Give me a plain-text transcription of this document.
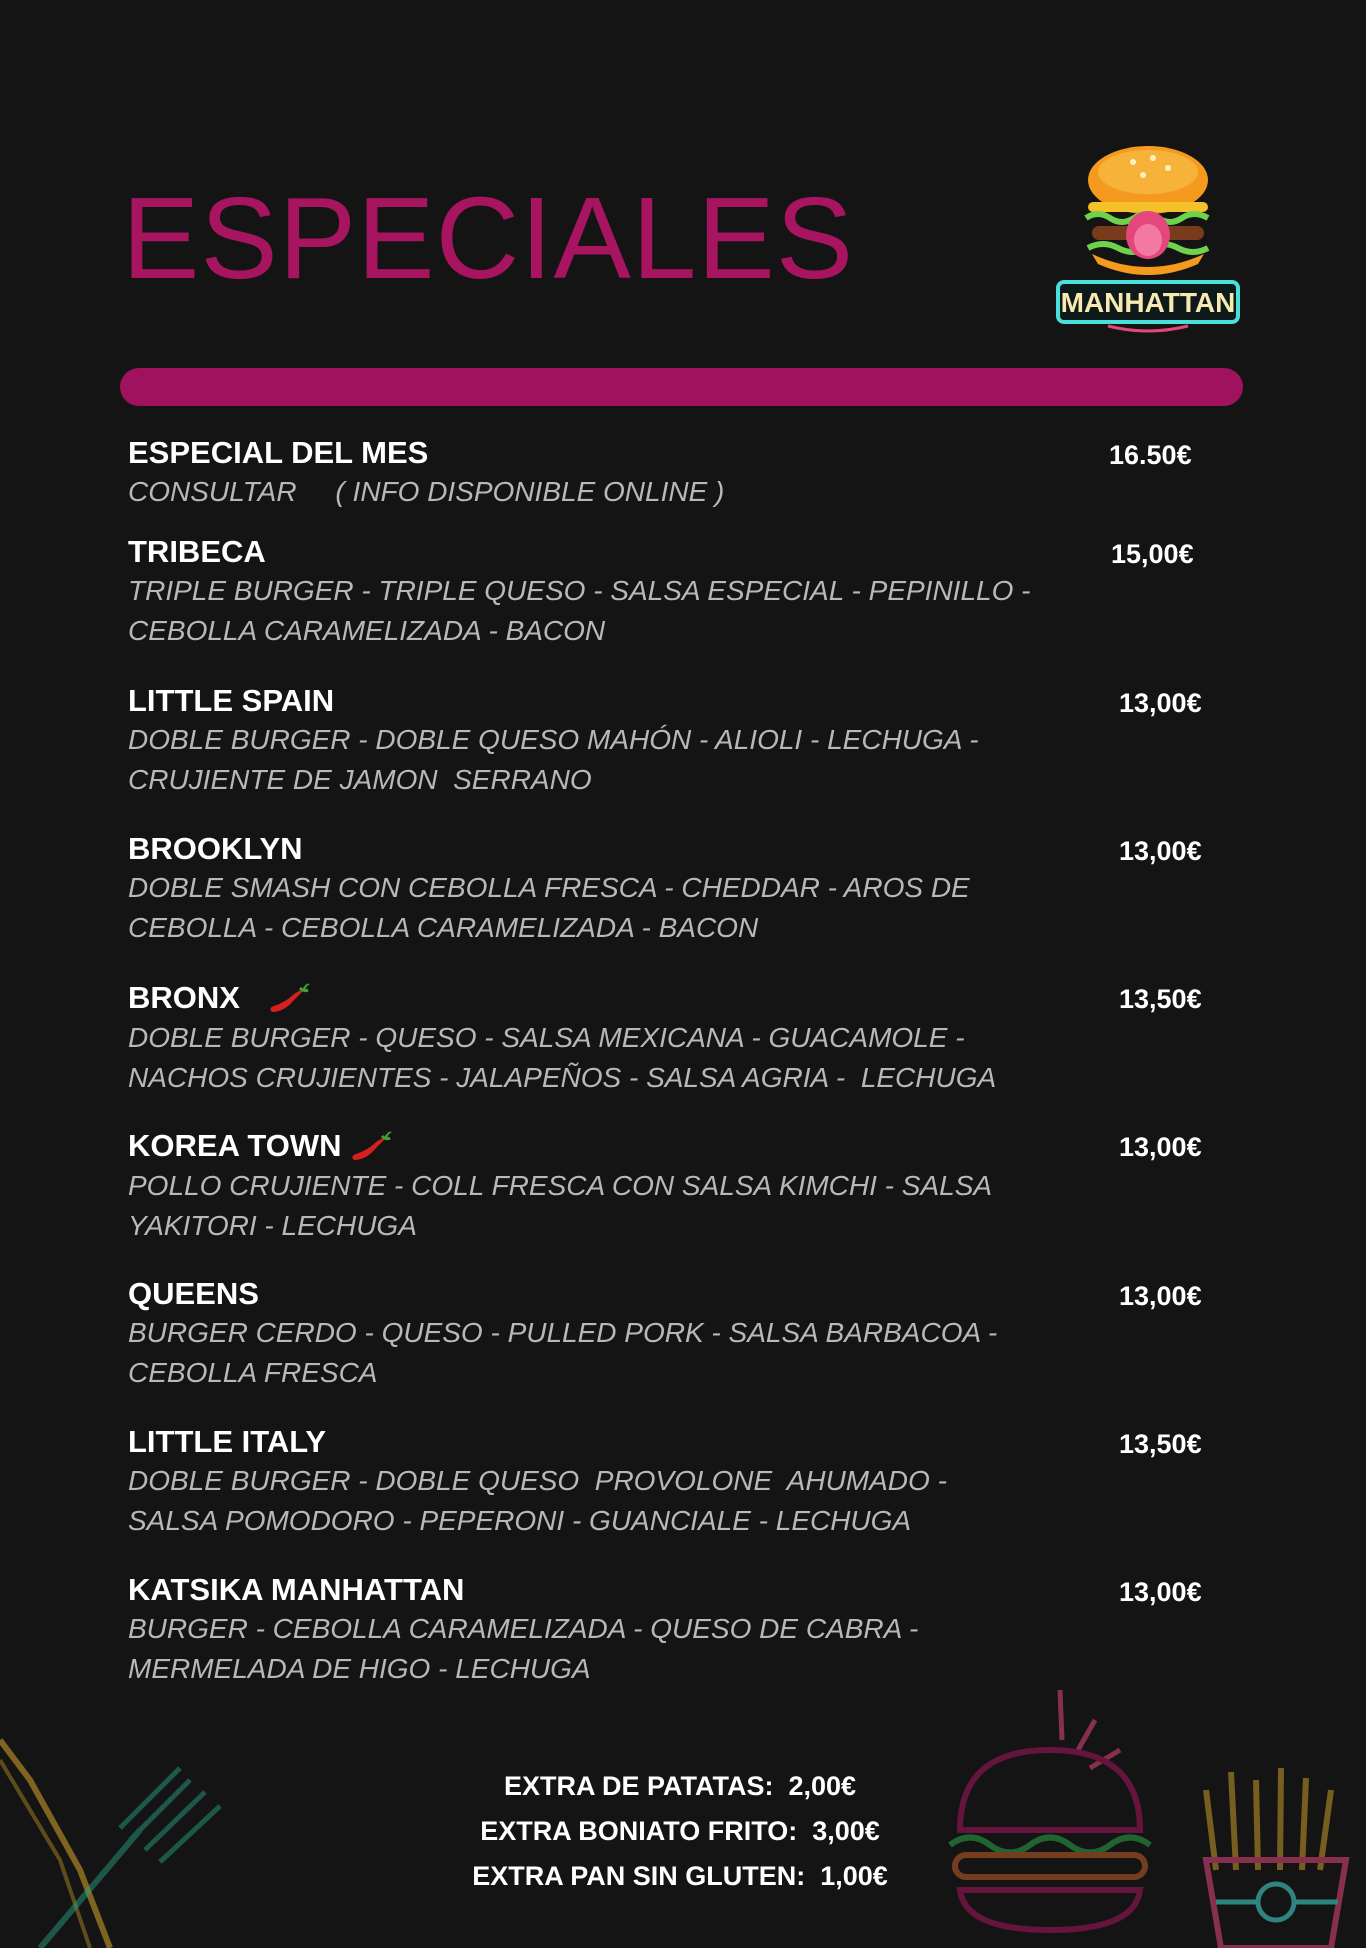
ESPECIALES	MANHATTAN
ESPECIAL DEL MES
CONSULTAR     ( INFO DISPONIBLE ONLINE )
16.50€
TRIBECA
TRIPLE BURGER - TRIPLE QUESO - SALSA ESPECIAL - PEPINILLO -
CEBOLLA CARAMELIZADA - BACON
15,00€
LITTLE SPAIN
DOBLE BURGER - DOBLE QUESO MAHÓN - ALIOLI - LECHUGA -
CRUJIENTE DE JAMON  SERRANO
13,00€
BROOKLYN
DOBLE SMASH CON CEBOLLA FRESCA - CHEDDAR - AROS DE
CEBOLLA - CEBOLLA CARAMELIZADA - BACON
13,00€
BRONX
DOBLE BURGER - QUESO - SALSA MEXICANA - GUACAMOLE -
NACHOS CRUJIENTES - JALAPEÑOS - SALSA AGRIA -  LECHUGA
13,50€
KOREA TOWN
POLLO CRUJIENTE - COLL FRESCA CON SALSA KIMCHI - SALSA
YAKITORI - LECHUGA
13,00€
QUEENS
BURGER CERDO - QUESO - PULLED PORK - SALSA BARBACOA -
CEBOLLA FRESCA
13,00€
LITTLE ITALY
DOBLE BURGER - DOBLE QUESO  PROVOLONE  AHUMADO -
SALSA POMODORO - PEPERONI - GUANCIALE - LECHUGA
13,50€
KATSIKA MANHATTAN
BURGER - CEBOLLA CARAMELIZADA - QUESO DE CABRA -
MERMELADA DE HIGO - LECHUGA
13,00€
EXTRA DE PATATAS:  2,00€
EXTRA BONIATO FRITO:  3,00€
EXTRA PAN SIN GLUTEN:  1,00€
